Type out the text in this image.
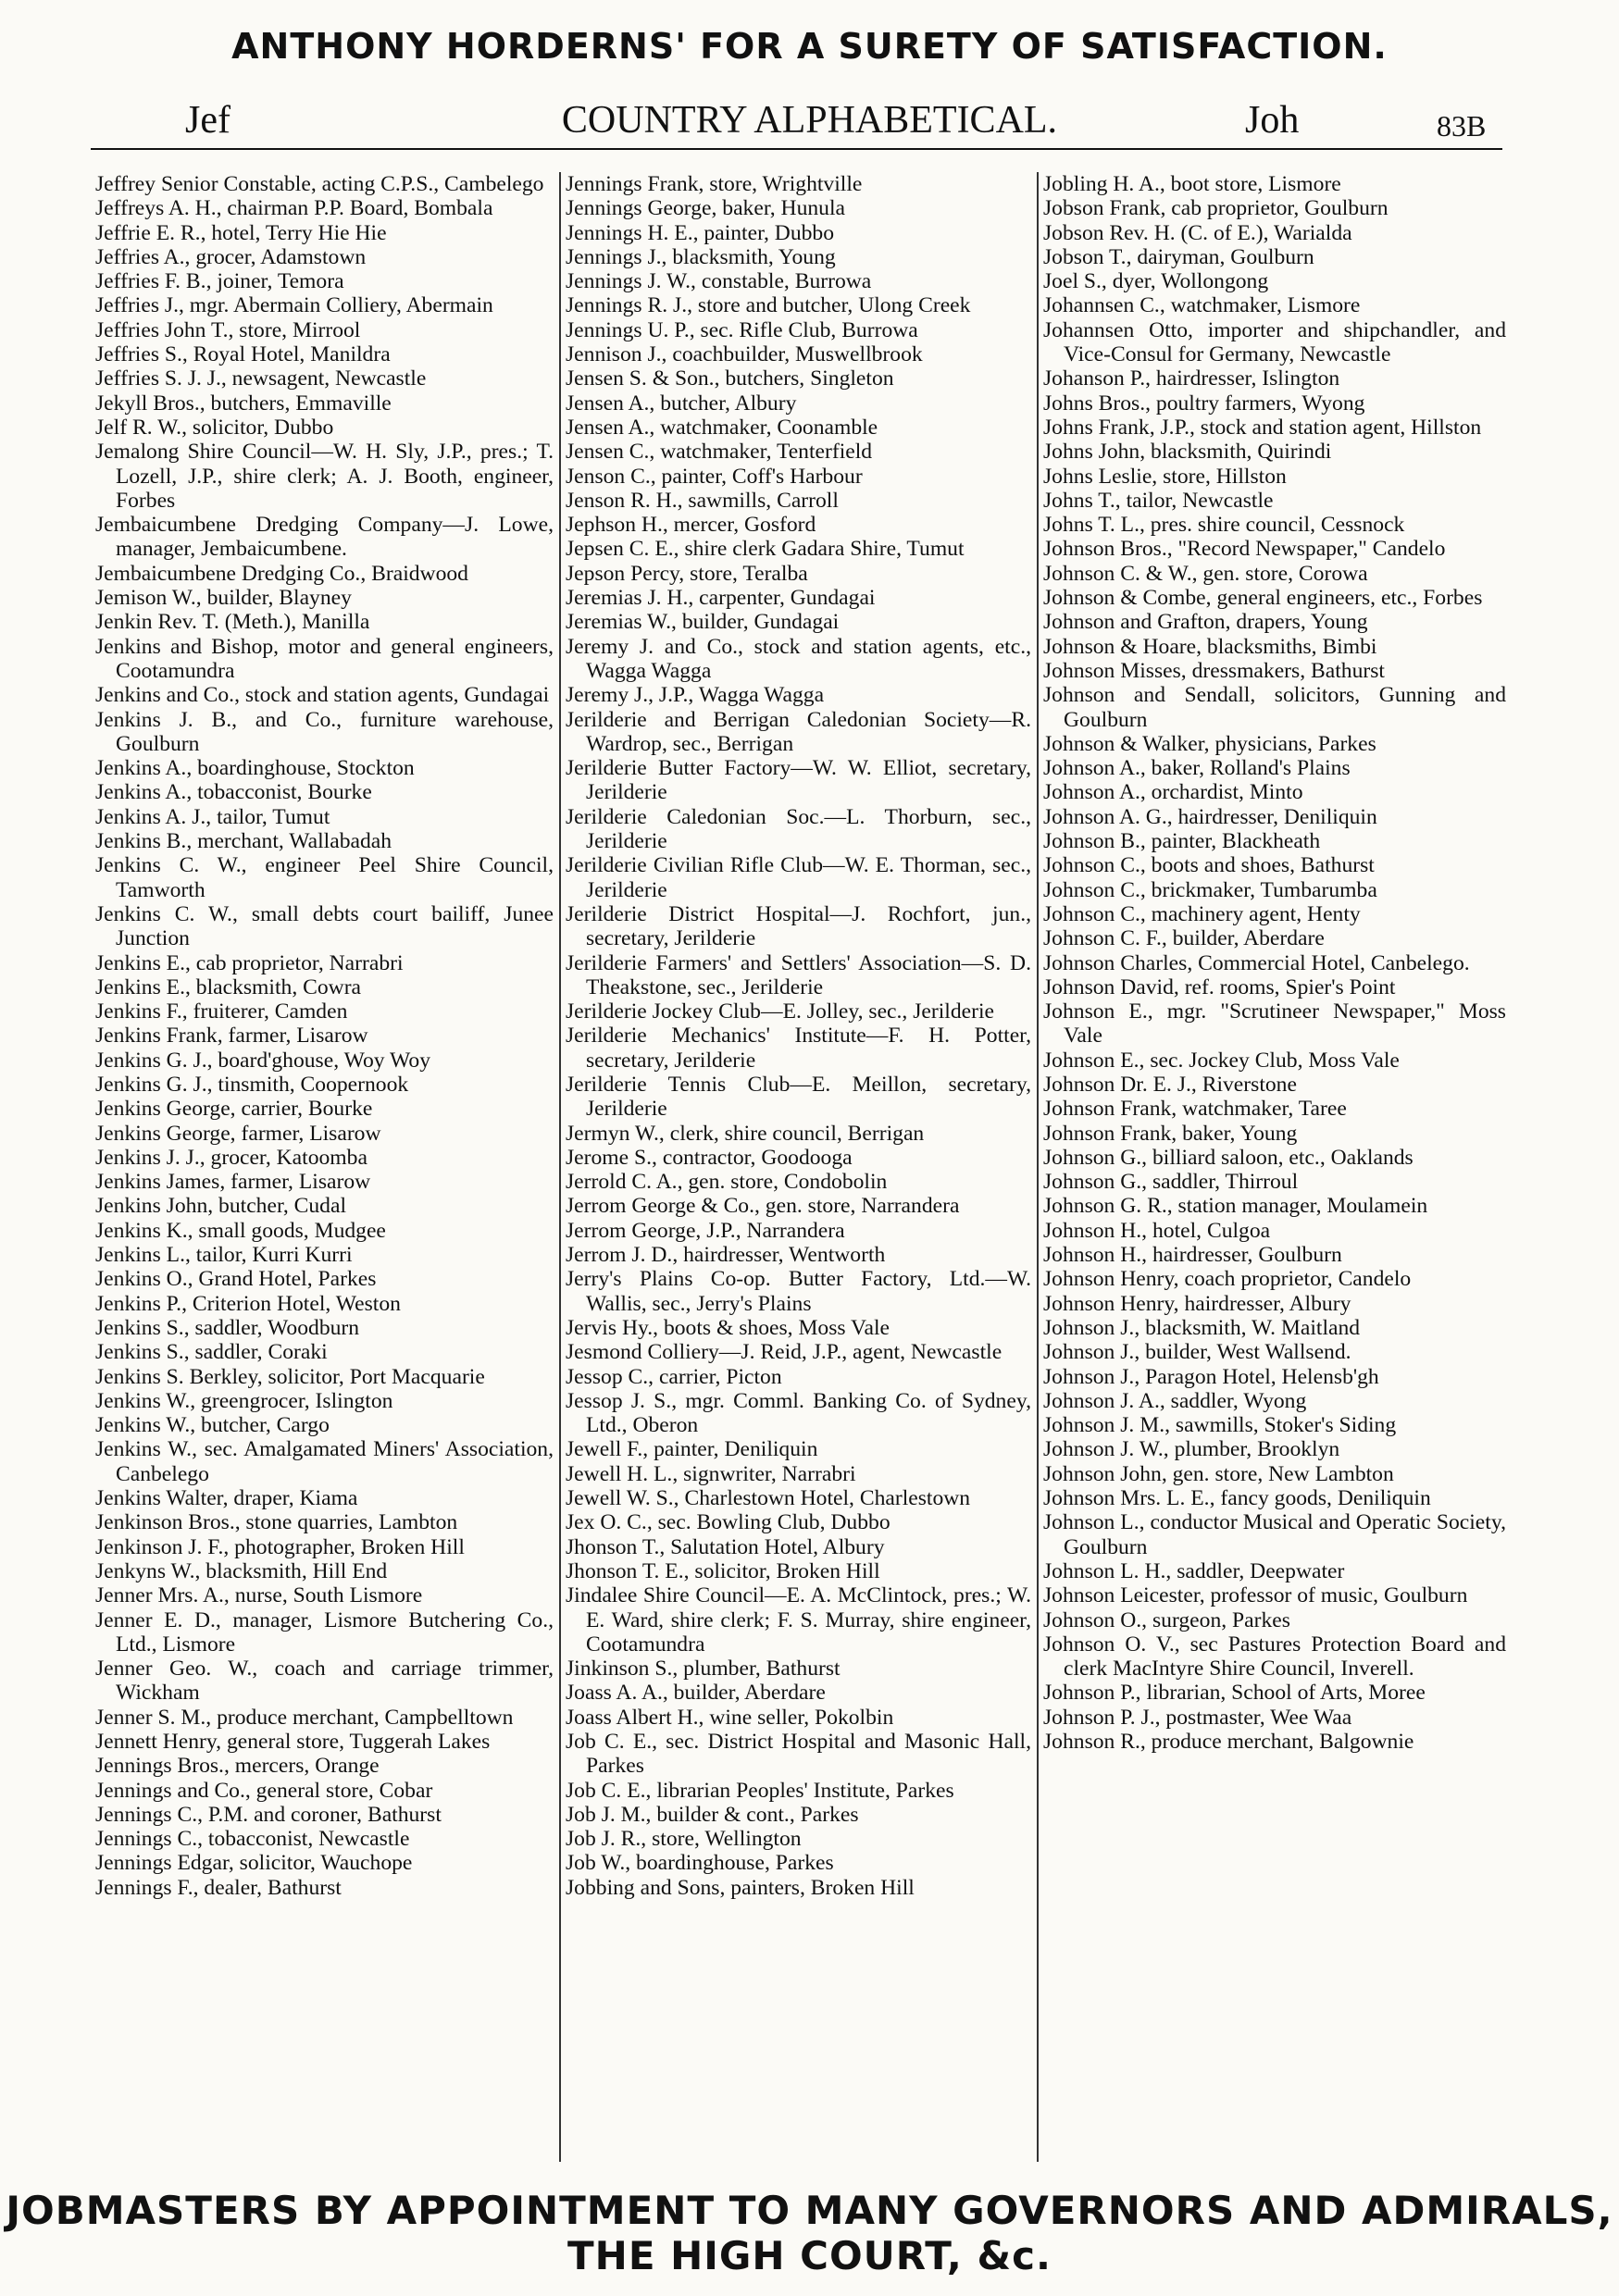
ANTHONY HORDERNS' FOR A SURETY OF SATISFACTION.
Jef	COUNTRY ALPHABETICAL.	Joh	83B

Jeffrey Senior Constable, acting C.P.S., Cambelego

Jeffreys A. H., chairman P.P. Board, Bombala

Jeffrie E. R., hotel, Terry Hie Hie

Jeffries A., grocer, Adamstown

Jeffries F. B., joiner, Temora

Jeffries J., mgr. Abermain Colliery, Abermain

Jeffries John T., store, Mirrool

Jeffries S., Royal Hotel, Manildra

Jeffries S. J. J., newsagent, Newcastle

Jekyll Bros., butchers, Emmaville

Jelf R. W., solicitor, Dubbo

Jemalong Shire Council—W. H. Sly, J.P., pres.; T. Lozell, J.P., shire clerk; A. J. Booth, engineer, Forbes

Jembaicumbene Dredging Company—J. Lowe, manager, Jembaicumbene.

Jembaicumbene Dredging Co., Braidwood

Jemison W., builder, Blayney

Jenkin Rev. T. (Meth.), Manilla

Jenkins and Bishop, motor and general engineers, Cootamundra

Jenkins and Co., stock and station agents, Gundagai

Jenkins J. B., and Co., furniture warehouse, Goulburn

Jenkins A., boardinghouse, Stockton

Jenkins A., tobacconist, Bourke

Jenkins A. J., tailor, Tumut

Jenkins B., merchant, Wallabadah

Jenkins C. W., engineer Peel Shire Council, Tamworth

Jenkins C. W., small debts court bailiff, Junee Junction

Jenkins E., cab proprietor, Narrabri

Jenkins E., blacksmith, Cowra

Jenkins F., fruiterer, Camden

Jenkins Frank, farmer, Lisarow

Jenkins G. J., board'ghouse, Woy Woy

Jenkins G. J., tinsmith, Coopernook

Jenkins George, carrier, Bourke

Jenkins George, farmer, Lisarow

Jenkins J. J., grocer, Katoomba

Jenkins James, farmer, Lisarow

Jenkins John, butcher, Cudal

Jenkins K., small goods, Mudgee

Jenkins L., tailor, Kurri Kurri

Jenkins O., Grand Hotel, Parkes

Jenkins P., Criterion Hotel, Weston

Jenkins S., saddler, Woodburn

Jenkins S., saddler, Coraki

Jenkins S. Berkley, solicitor, Port Macquarie

Jenkins W., greengrocer, Islington

Jenkins W., butcher, Cargo

Jenkins W., sec. Amalgamated Miners' Association, Canbelego

Jenkins Walter, draper, Kiama

Jenkinson Bros., stone quarries, Lambton

Jenkinson J. F., photographer, Broken Hill

Jenkyns W., blacksmith, Hill End

Jenner Mrs. A., nurse, South Lismore

Jenner E. D., manager, Lismore Butchering Co., Ltd., Lismore

Jenner Geo. W., coach and carriage trimmer, Wickham

Jenner S. M., produce merchant, Campbelltown

Jennett Henry, general store, Tuggerah Lakes

Jennings Bros., mercers, Orange

Jennings and Co., general store, Cobar

Jennings C., P.M. and coroner, Bathurst

Jennings C., tobacconist, Newcastle

Jennings Edgar, solicitor, Wauchope

Jennings F., dealer, Bathurst

Jennings Frank, store, Wrightville

Jennings George, baker, Hunula

Jennings H. E., painter, Dubbo

Jennings J., blacksmith, Young

Jennings J. W., constable, Burrowa

Jennings R. J., store and butcher, Ulong Creek

Jennings U. P., sec. Rifle Club, Burrowa

Jennison J., coachbuilder, Muswellbrook

Jensen S. & Son., butchers, Singleton

Jensen A., butcher, Albury

Jensen A., watchmaker, Coonamble

Jensen C., watchmaker, Tenterfield

Jenson C., painter, Coff's Harbour

Jenson R. H., sawmills, Carroll

Jephson H., mercer, Gosford

Jepsen C. E., shire clerk Gadara Shire, Tumut

Jepson Percy, store, Teralba

Jeremias J. H., carpenter, Gundagai

Jeremias W., builder, Gundagai

Jeremy J. and Co., stock and station agents, etc., Wagga Wagga

Jeremy J., J.P., Wagga Wagga

Jerilderie and Berrigan Caledonian Society—R. Wardrop, sec., Berrigan

Jerilderie Butter Factory—W. W. Elliot, secretary, Jerilderie

Jerilderie Caledonian Soc.—L. Thorburn, sec., Jerilderie

Jerilderie Civilian Rifle Club—W. E. Thorman, sec., Jerilderie

Jerilderie District Hospital—J. Rochfort, jun., secretary, Jerilderie

Jerilderie Farmers' and Settlers' Association—S. D. Theakstone, sec., Jerilderie

Jerilderie Jockey Club—E. Jolley, sec., Jerilderie

Jerilderie Mechanics' Institute—F. H. Potter, secretary, Jerilderie

Jerilderie Tennis Club—E. Meillon, secretary, Jerilderie

Jermyn W., clerk, shire council, Berrigan

Jerome S., contractor, Goodooga

Jerrold C. A., gen. store, Condobolin

Jerrom George & Co., gen. store, Narrandera

Jerrom George, J.P., Narrandera

Jerrom J. D., hairdresser, Wentworth

Jerry's Plains Co-op. Butter Factory, Ltd.—W. Wallis, sec., Jerry's Plains

Jervis Hy., boots & shoes, Moss Vale

Jesmond Colliery—J. Reid, J.P., agent, Newcastle

Jessop C., carrier, Picton

Jessop J. S., mgr. Comml. Banking Co. of Sydney, Ltd., Oberon

Jewell F., painter, Deniliquin

Jewell H. L., signwriter, Narrabri

Jewell W. S., Charlestown Hotel, Charlestown

Jex O. C., sec. Bowling Club, Dubbo

Jhonson T., Salutation Hotel, Albury

Jhonson T. E., solicitor, Broken Hill

Jindalee Shire Council—E. A. McClintock, pres.; W. E. Ward, shire clerk; F. S. Murray, shire engineer, Cootamundra

Jinkinson S., plumber, Bathurst

Joass A. A., builder, Aberdare

Joass Albert H., wine seller, Pokolbin

Job C. E., sec. District Hospital and Masonic Hall, Parkes

Job C. E., librarian Peoples' Institute, Parkes

Job J. M., builder & cont., Parkes

Job J. R., store, Wellington

Job W., boardinghouse, Parkes

Jobbing and Sons, painters, Broken Hill

Jobling H. A., boot store, Lismore

Jobson Frank, cab proprietor, Goulburn

Jobson Rev. H. (C. of E.), Warialda

Jobson T., dairyman, Goulburn

Joel S., dyer, Wollongong

Johannsen C., watchmaker, Lismore

Johannsen Otto, importer and shipchandler, and Vice-Consul for Germany, Newcastle

Johanson P., hairdresser, Islington

Johns Bros., poultry farmers, Wyong

Johns Frank, J.P., stock and station agent, Hillston

Johns John, blacksmith, Quirindi

Johns Leslie, store, Hillston

Johns T., tailor, Newcastle

Johns T. L., pres. shire council, Cessnock

Johnson Bros., "Record Newspaper," Candelo

Johnson C. & W., gen. store, Corowa

Johnson & Combe, general engineers, etc., Forbes

Johnson and Grafton, drapers, Young

Johnson & Hoare, blacksmiths, Bimbi

Johnson Misses, dressmakers, Bathurst

Johnson and Sendall, solicitors, Gunning and Goulburn

Johnson & Walker, physicians, Parkes

Johnson A., baker, Rolland's Plains

Johnson A., orchardist, Minto

Johnson A. G., hairdresser, Deniliquin

Johnson B., painter, Blackheath

Johnson C., boots and shoes, Bathurst

Johnson C., brickmaker, Tumbarumba

Johnson C., machinery agent, Henty

Johnson C. F., builder, Aberdare

Johnson Charles, Commercial Hotel, Canbelego.

Johnson David, ref. rooms, Spier's Point

Johnson E., mgr. "Scrutineer Newspaper," Moss Vale

Johnson E., sec. Jockey Club, Moss Vale

Johnson Dr. E. J., Riverstone

Johnson Frank, watchmaker, Taree

Johnson Frank, baker, Young

Johnson G., billiard saloon, etc., Oaklands

Johnson G., saddler, Thirroul

Johnson G. R., station manager, Moulamein

Johnson H., hotel, Culgoa

Johnson H., hairdresser, Goulburn

Johnson Henry, coach proprietor, Candelo

Johnson Henry, hairdresser, Albury

Johnson J., blacksmith, W. Maitland

Johnson J., builder, West Wallsend.

Johnson J., Paragon Hotel, Helensb'gh

Johnson J. A., saddler, Wyong

Johnson J. M., sawmills, Stoker's Siding

Johnson J. W., plumber, Brooklyn

Johnson John, gen. store, New Lambton

Johnson Mrs. L. E., fancy goods, Deniliquin

Johnson L., conductor Musical and Operatic Society, Goulburn

Johnson L. H., saddler, Deepwater

Johnson Leicester, professor of music, Goulburn

Johnson O., surgeon, Parkes

Johnson O. V., sec Pastures Protection Board and clerk MacIntyre Shire Council, Inverell.

Johnson P., librarian, School of Arts, Moree

Johnson P. J., postmaster, Wee Waa

Johnson R., produce merchant, Balgownie

JOBMASTERS BY APPOINTMENT TO MANY GOVERNORS AND ADMIRALS, THE HIGH COURT, &c.
